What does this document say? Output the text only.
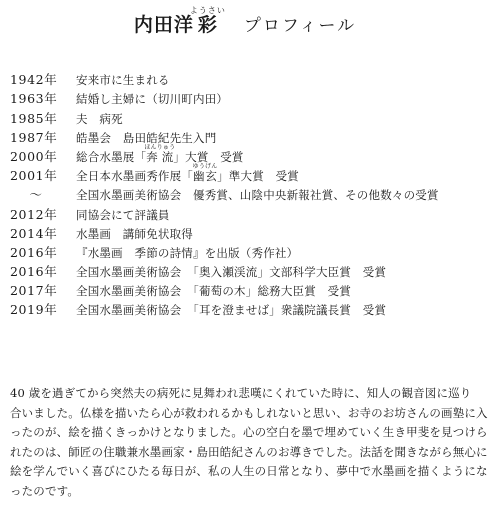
内田洋彩ようさいプロフィール
1942年	安来市に生まれる
1963年	結婚し主婦に（切川町内田）
1985年	夫　病死
1987年	皓墨会　島田皓紀先生入門
2000年	総合水墨展「奔流ほんりゅう」大賞　受賞
2001年	全日本水墨画秀作展「幽玄ゆうげん」準大賞　受賞
～	全国水墨画美術協会　優秀賞、山陰中央新報社賞、その他数々の受賞
2012年	同協会にて評議員
2014年	水墨画　講師免状取得
2016年	『水墨画　季節の詩情』を出版（秀作社）
2016年	全国水墨画美術協会　「奥入瀬渓流」文部科学大臣賞　受賞
2017年	全国水墨画美術協会　「葡萄の木」総務大臣賞　受賞
2019年	全国水墨画美術協会　「耳を澄ませば」衆議院議長賞　受賞
40 歳を過ぎてから突然夫の病死に見舞われ悲嘆にくれていた時に、知人の観音図に巡り
合いました。仏様を描いたら心が救われるかもしれないと思い、お寺のお坊さんの画塾に入
ったのが、絵を描くきっかけとなりました。心の空白を墨で埋めていく生き甲斐を見つけら
れたのは、師匠の住職兼水墨画家・島田皓紀さんのお導きでした。法話を聞きながら無心に
絵を学んでいく喜びにひたる毎日が、私の人生の日常となり、夢中で水墨画を描くようにな
ったのです。
